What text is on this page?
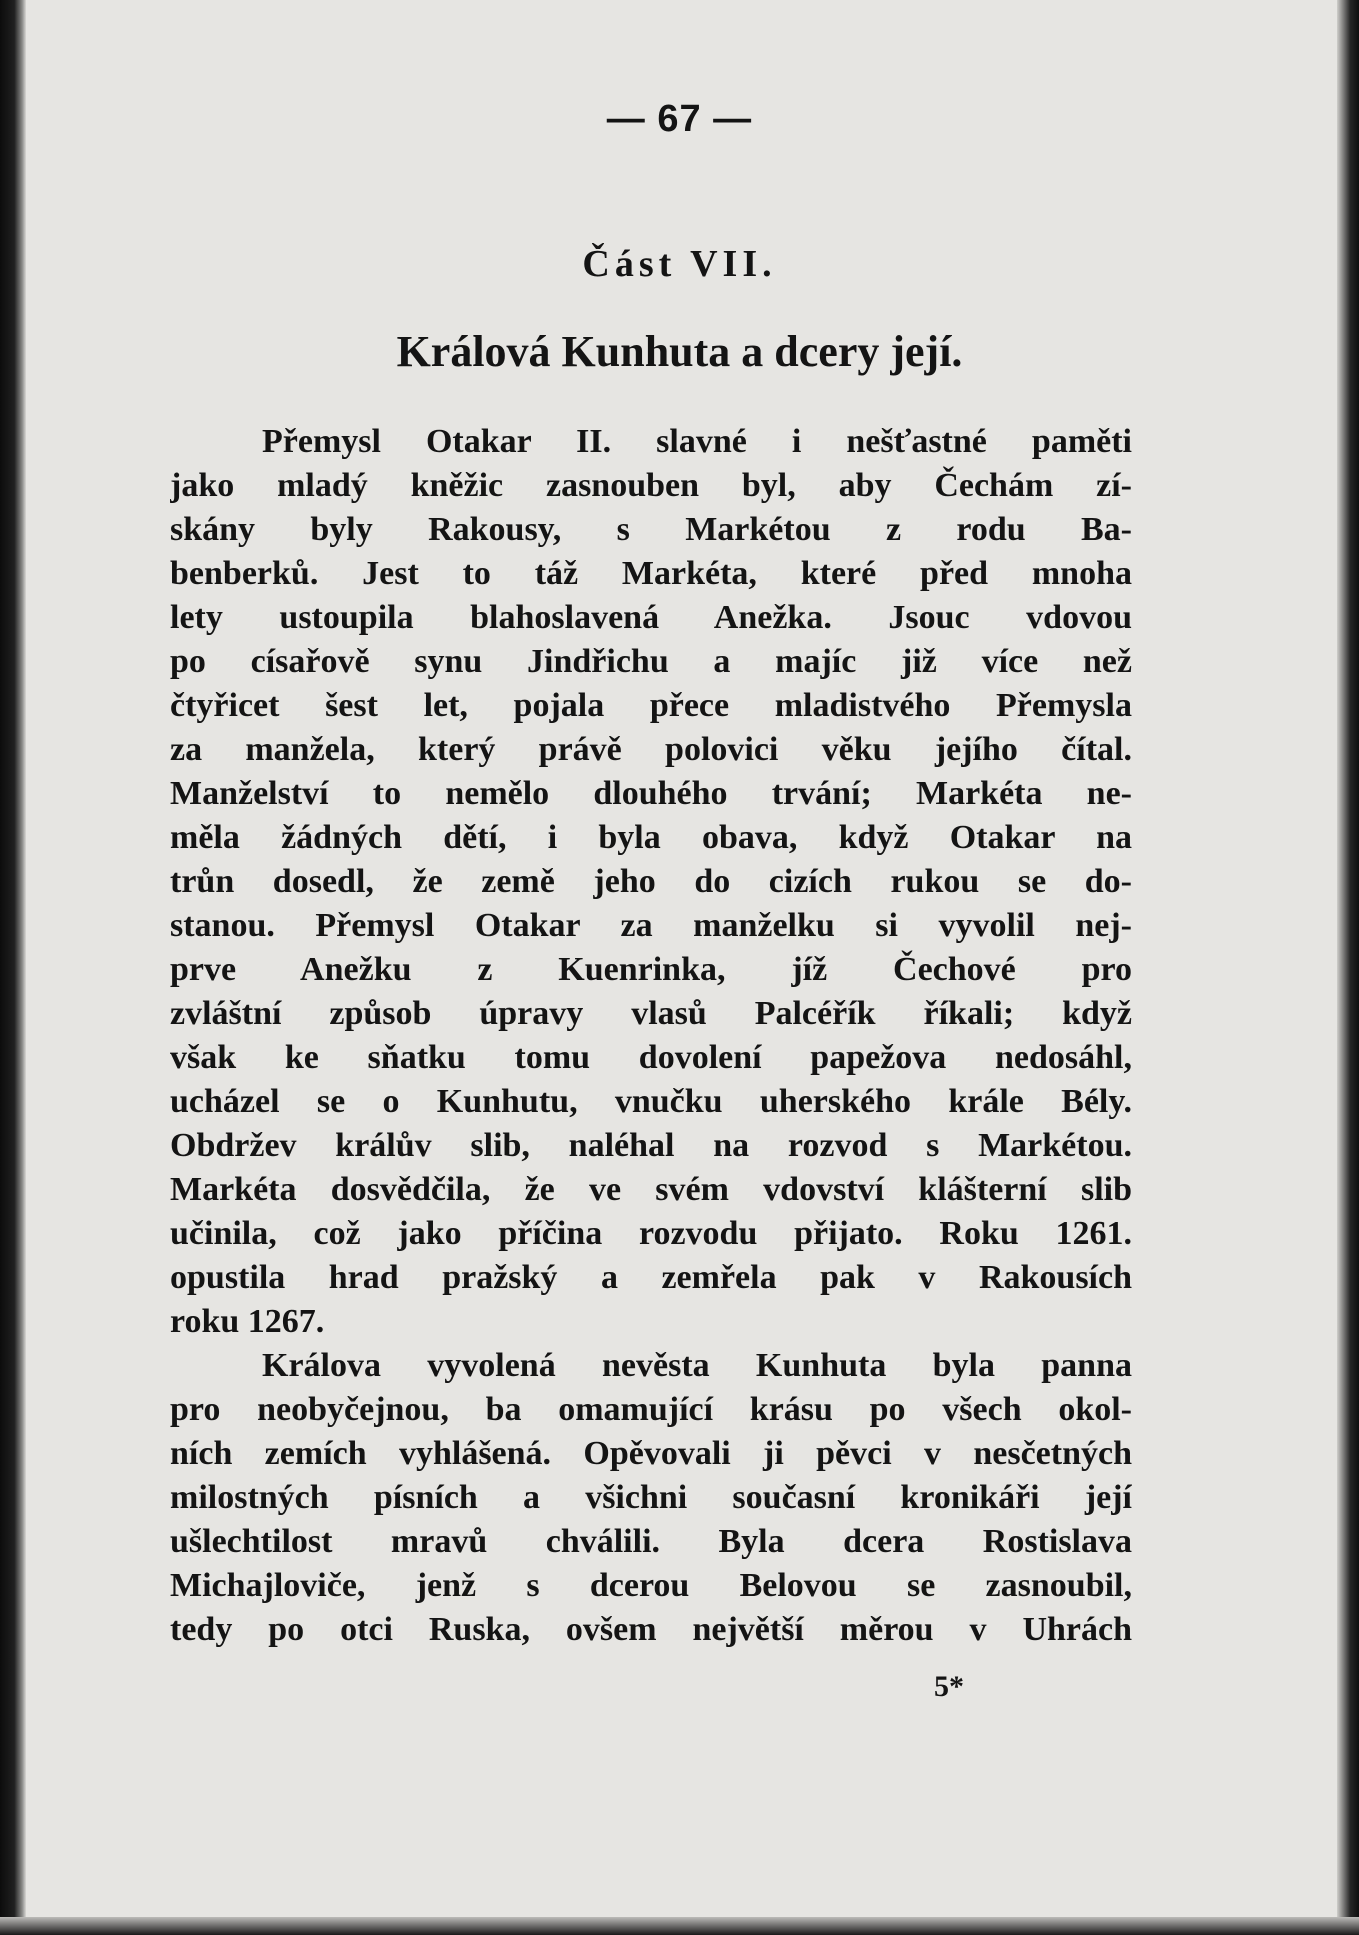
— 67 —
Část VII.
Králová Kunhuta a dcery její.
Přemysl Otakar II. slavné i nešťastné paměti
jako mladý kněžic zasnouben byl, aby Čechám zí-
skány byly Rakousy, s Markétou z rodu Ba-
benberků. Jest to táž Markéta, které před mnoha
lety ustoupila blahoslavená Anežka. Jsouc vdovou
po císařově synu Jindřichu a majíc již více než
čtyřicet šest let, pojala přece mladistvého Přemysla
za manžela, který právě polovici věku jejího čítal.
Manželství to nemělo dlouhého trvání; Markéta ne-
měla žádných dětí, i byla obava, když Otakar na
trůn dosedl, že země jeho do cizích rukou se do-
stanou. Přemysl Otakar za manželku si vyvolil nej-
prve Anežku z Kuenrinka, jíž Čechové pro
zvláštní způsob úpravy vlasů Palcéřík říkali; když
však ke sňatku tomu dovolení papežova nedosáhl,
ucházel se o Kunhutu, vnučku uherského krále Bély.
Obdržev králův slib, naléhal na rozvod s Markétou.
Markéta dosvědčila, že ve svém vdovství klášterní slib
učinila, což jako příčina rozvodu přijato. Roku 1261.
opustila hrad pražský a zemřela pak v Rakousích
roku 1267.
Králova vyvolená nevěsta Kunhuta byla panna
pro neobyčejnou, ba omamující krásu po všech okol-
ních zemích vyhlášená. Opěvovali ji pěvci v nesčetných
milostných písních a všichni současní kronikáři její
ušlechtilost mravů chválili. Byla dcera Rostislava
Michajloviče, jenž s dcerou Belovou se zasnoubil,
tedy po otci Ruska, ovšem největší měrou v Uhrách
5*
